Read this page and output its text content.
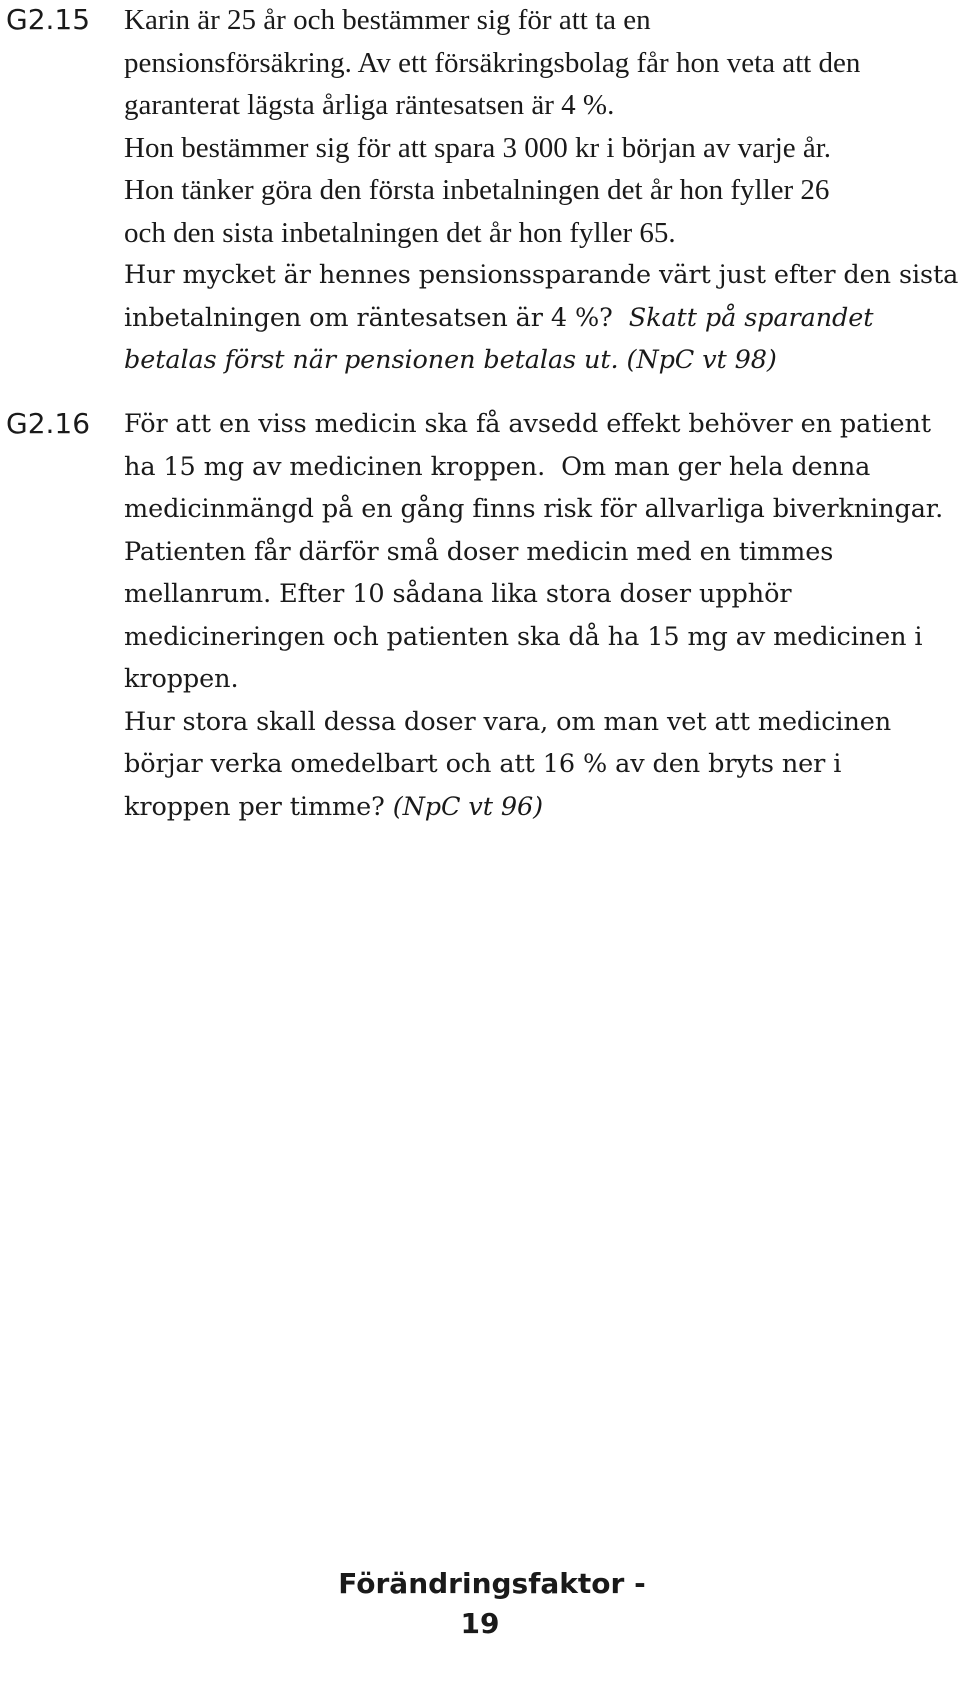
G2.15 Karin är 25 år och bestämmer sig för att ta en
pensionsförsäkring. Av ett försäkringsbolag får hon veta att den
garanterat lägsta årliga räntesatsen är 4 %.
Hon bestämmer sig för att spara 3 000 kr i början av varje år.
Hon tänker göra den första inbetalningen det år hon fyller 26
och den sista inbetalningen det år hon fyller 65.
Hur mycket är hennes pensionssparande värt just efter den sista
inbetalningen om räntesatsen är 4 %? Skatt på sparandet
betalas först när pensionen betalas ut. (NpC vt 98)
G2.16 För att en viss medicin ska få avsedd effekt behöver en patient
ha 15 mg av medicinen kroppen. Om man ger hela denna
medicinmängd på en gång finns risk för allvarliga biverkningar.
Patienten får därför små doser medicin med en timmes
mellanrum. Efter 10 sådana lika stora doser upphör
medicineringen och patienten ska då ha 15 mg av medicinen i
kroppen.
Hur stora skall dessa doser vara, om man vet att medicinen
börjar verka omedelbart och att 16 % av den bryts ner i
kroppen per timme? (NpC vt 96)
Förändringsfaktor -
19
